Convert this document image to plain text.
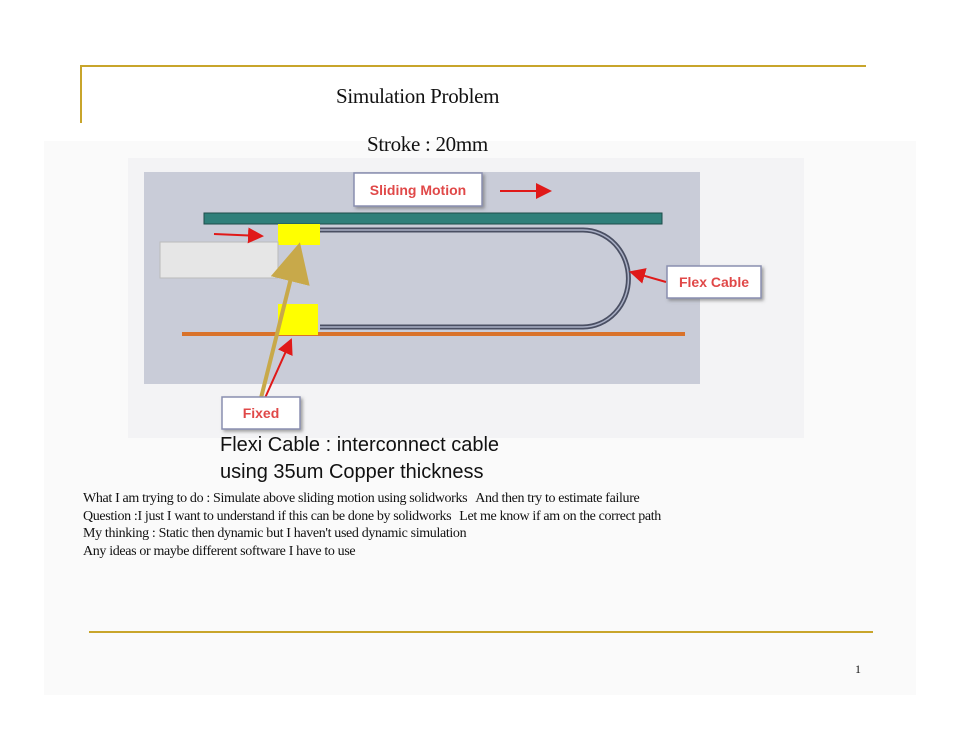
Simulation Problem
Stroke : 20mm
Sliding Motion
Flex Cable
Fixed
Flexi Cable : interconnect cable
using 35um Copper thickness
What I am trying to do : Simulate above sliding motion using solidworks And then try to estimate failure
Question :I just I want to understand if this can be done by solidworks Let me know if am on the correct path
My thinking : Static then dynamic but I haven't used dynamic simulation
Any ideas or maybe different software I have to use
1
